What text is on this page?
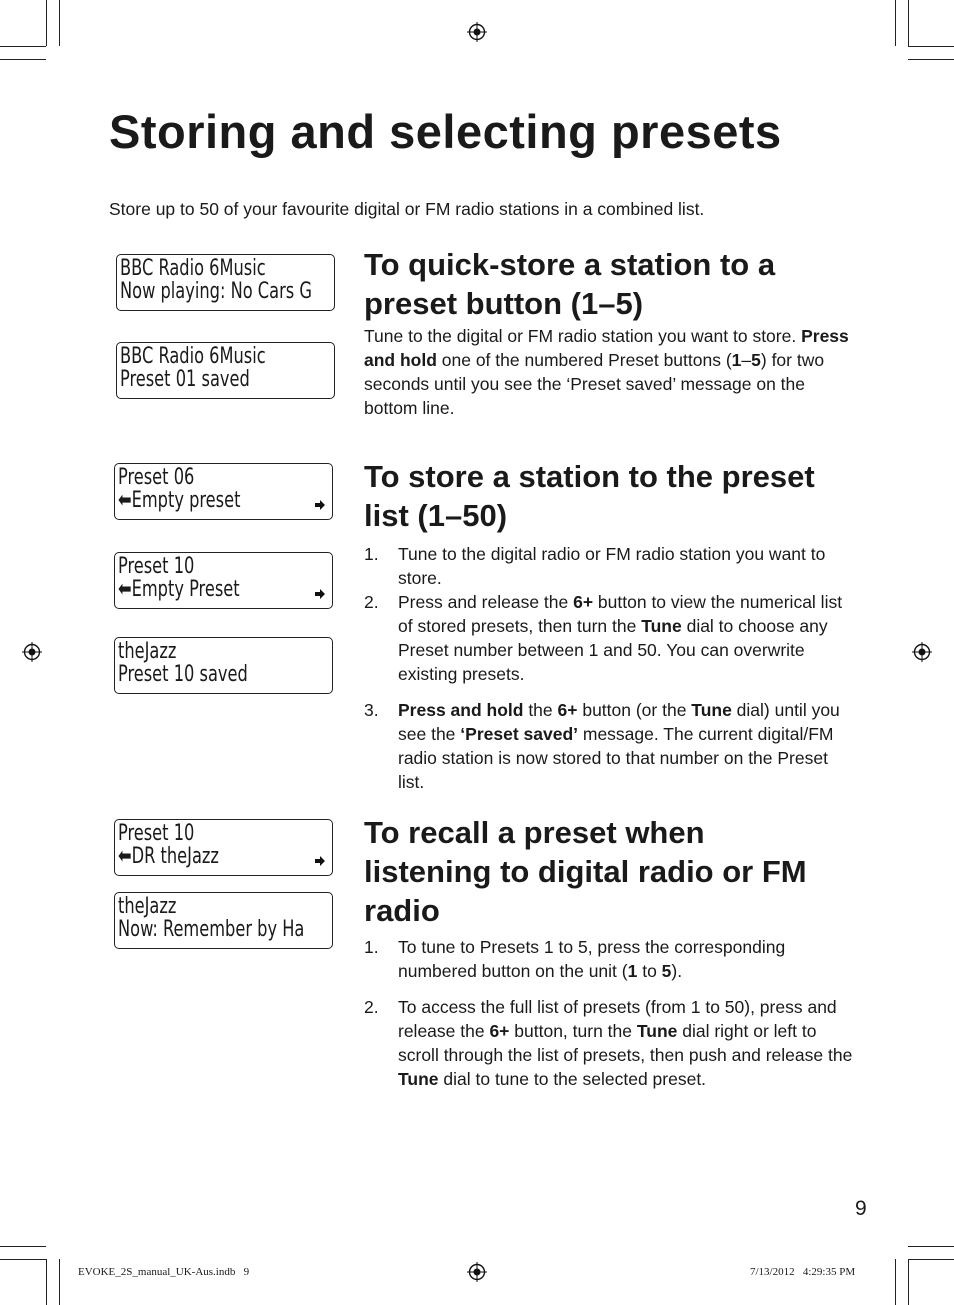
Storing and selecting presets
Store up to 50 of your favourite digital or FM radio stations in a combined list.
BBC Radio 6Music
Now playing: No Cars G
BBC Radio 6Music
Preset 01 saved
Preset 06
⬅Empty preset
Preset 10
⬅Empty Preset
theJazz
Preset 10 saved
Preset 10
⬅DR theJazz
theJazz
Now: Remember by Ha
To quick-store a station to a preset button (1–5)
Tune to the digital or FM radio station you want to store. Press and hold one of the numbered Preset buttons (1–5) for two seconds until you see the ‘Preset saved’ message on the bottom line.
To store a station to the preset list (1–50)
1. Tune to the digital radio or FM radio station you want to store.
2. Press and release the 6+ button to view the numerical list of stored presets, then turn the Tune dial to choose any Preset number between 1 and 50. You can overwrite existing presets.
3. Press and hold the 6+ button (or the Tune dial) until you see the ‘Preset saved’ message. The current digital/FM radio station is now stored to that number on the Preset list.
To recall a preset when listening to digital radio or FM radio
1. To tune to Presets 1 to 5, press the corresponding numbered button on the unit (1 to 5).
2. To access the full list of presets (from 1 to 50), press and release the 6+ button, turn the Tune dial right or left to scroll through the list of presets, then push and release the Tune dial to tune to the selected preset.
9
EVOKE_2S_manual_UK-Aus.indb   9	7/13/2012   4:29:35 PM
